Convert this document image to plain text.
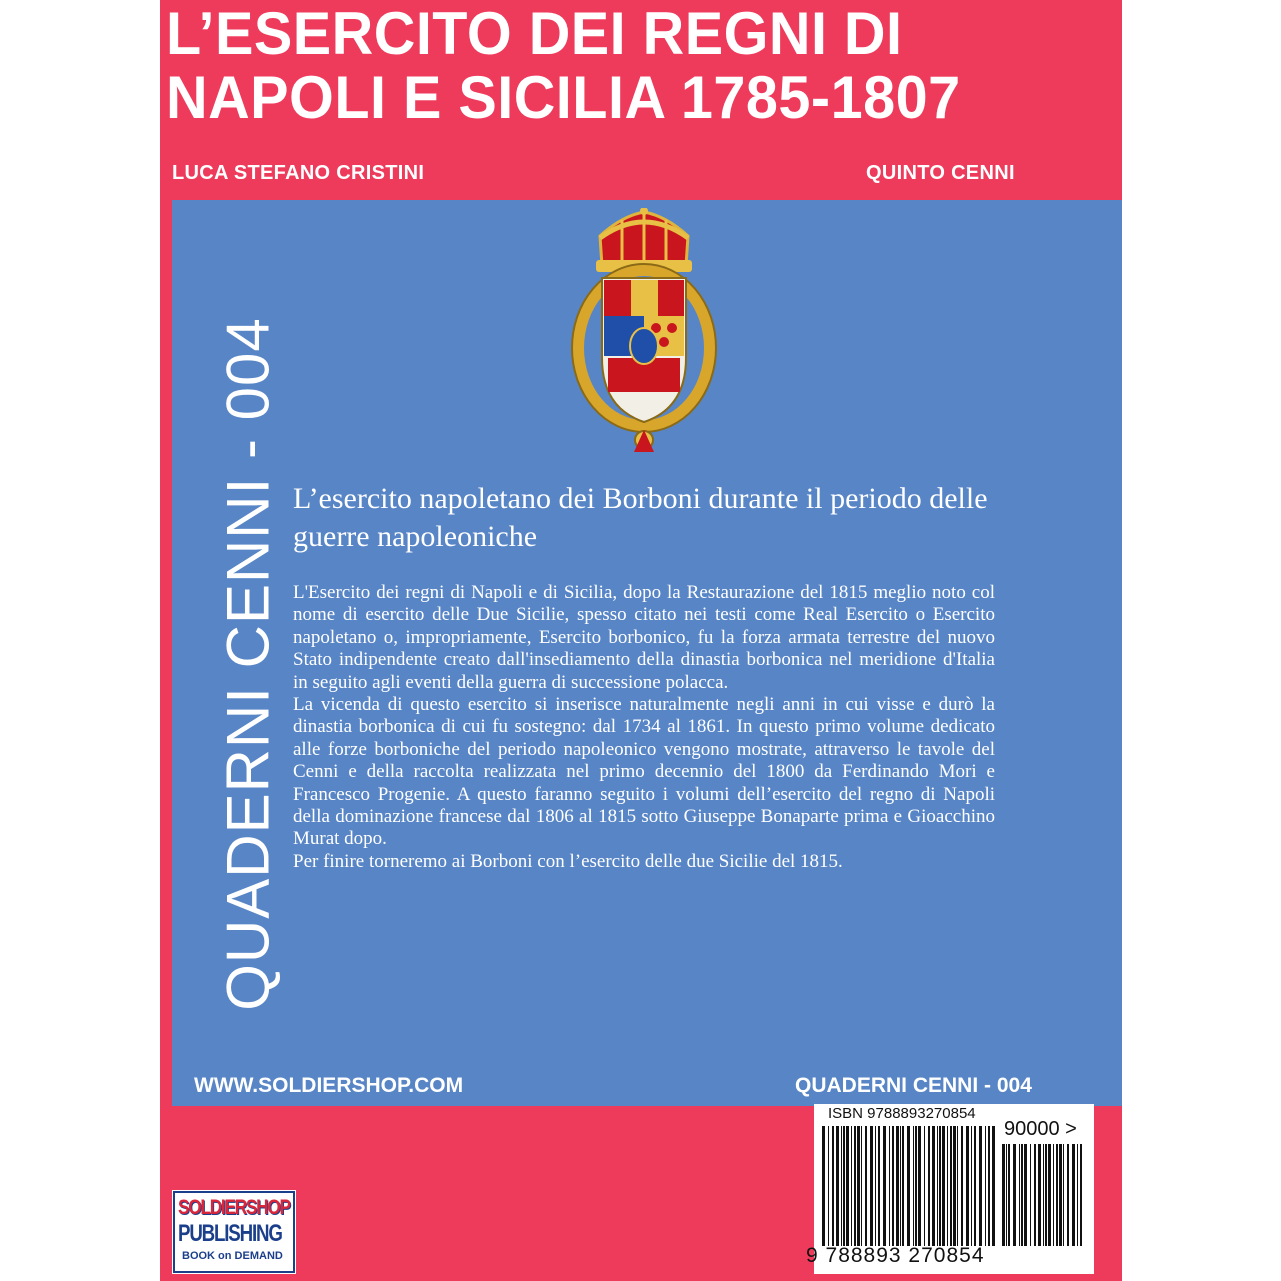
L’ESERCITO DEI REGNI DI
NAPOLI E SICILIA 1785-1807
LUCA STEFANO CRISTINI	QUINTO CENNI
QUADERNI CENNI - 004 L’esercito napoletano dei Borboni durante il periodo delle guerre napoleoniche

L'Esercito dei regni di Napoli e di Sicilia, dopo la Restaurazione del 1815 meglio noto col nome di esercito delle Due Sicilie, spesso citato nei testi come Real Esercito o Esercito napoletano o, impropriamente, Esercito borbonico, fu la forza armata terrestre del nuovo Stato indipendente creato dall'insediamento della dinastia borbonica nel meridione d'Italia in seguito agli eventi della guerra di successione polacca.

La vicenda di questo esercito si inserisce naturalmente negli anni in cui visse e durò la dinastia borbonica di cui fu sostegno: dal 1734 al 1861. In questo primo volume dedicato alle forze borboniche del periodo napoleonico vengono mostrate, attraverso le tavole del Cenni e della raccolta realizzata nel primo decennio del 1800 da Ferdinando Mori e Francesco Progenie. A questo faranno seguito i volumi dell’esercito del regno di Napoli della dominazione francese dal 1806 al 1815 sotto Giuseppe Bonaparte prima e Gioacchino Murat dopo.

Per finire torneremo ai Borboni con l’esercito delle due Sicilie del 1815.

WWW.SOLDIERSHOP.COM	QUADERNI CENNI - 004
SOLDIERSHOP
PUBLISHING
BOOK on DEMAND
ISBN 9788893270854
90000 >
9 788893 270854
